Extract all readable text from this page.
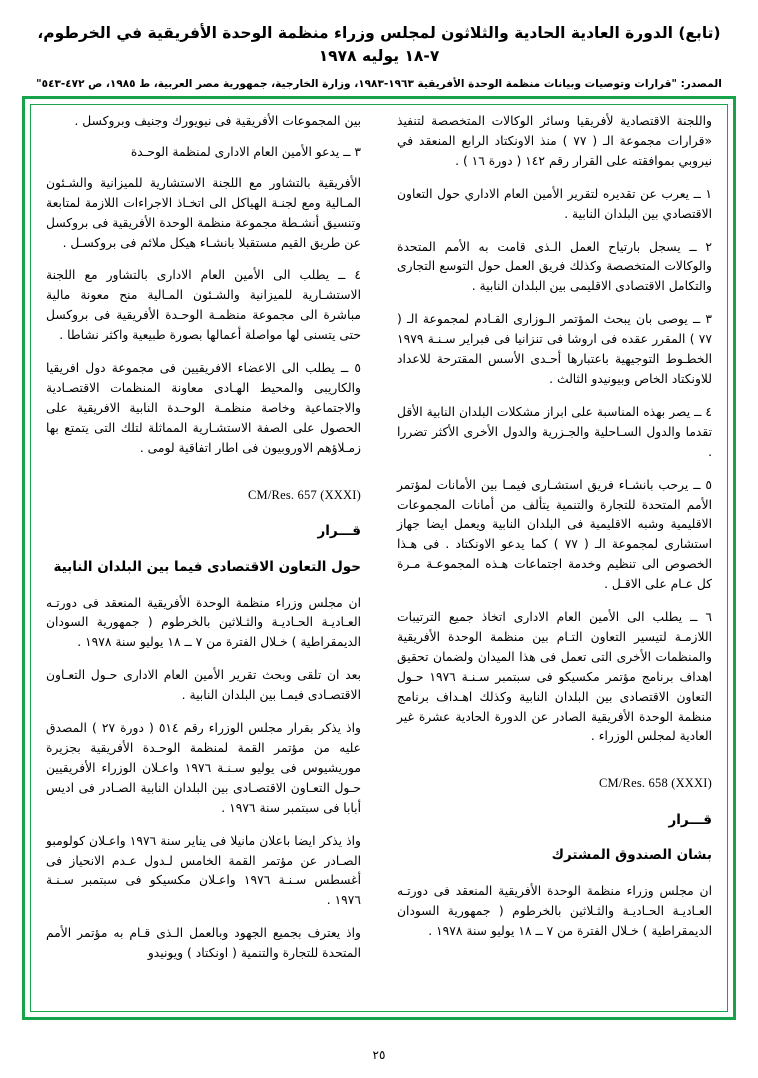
(تابع) الدورة العادية الحادية والثلاثون لمجلس وزراء منظمة الوحدة الأفريقية في الخرطوم، ٧-١٨ يوليه ١٩٧٨
المصدر: "قرارات وتوصيات وبيانات منظمة الوحدة الأفريقية ١٩٦٣-١٩٨٣، وزارة الخارجية، جمهورية مصر العربية، ط ١٩٨٥، ص ٤٧٢-٥٤٣"

واللجنة الاقتصادية لأفريقيا وسائر الوكالات المتخصصة لتنفيذ «قرارات مجموعة الـ ( ٧٧ ) منذ الاونكتاد الرابع المنعقد في نيروبي بموافقته على القرار رقم ١٤٢ ( دورة ١٦ ) .

١ ــ يعرب عن تقديره لتقرير الأمين العام الاداري حول التعاون الاقتصادي بين البلدان النابية .

٢ ــ يسجل بارتياح العمل الـذى قامت به الأمم المتحدة والوكالات المتخصصة وكذلك فريق العمل حول التوسع التجارى والتكامل الاقتصادى الاقليمى بين البلدان النابية .

٣ ــ يوصى بان يبحث المؤتمر الـوزارى القـادم لمجموعة الـ ( ٧٧ ) المقرر عقده فى اروشا فى تنزانيا فى فبراير سـنـة ١٩٧٩ الخطـوط التوجيهية باعتبارها أحـدى الأسس المقترحة للاعداد للاونكتاد الخاص وبيونيدو الثالث .

٤ ــ يصر بهذه المناسبة على ابراز مشكلات البلدان النابية الأقل تقدما والدول السـاحلية والجـزرية والدول الأخرى الأكثر تضررا .

٥ ــ يرحب بانشـاء فريق استشـارى فيمـا بين الأمانات لمؤتمر الأمم المتحدة للتجارة والتنمية يتألف من أمانات المجموعات الاقليمية وشبه الاقليمية فى البلدان النابية ويعمل ايضا جهاز استشارى لمجموعة الـ ( ٧٧ ) كما يدعو الاونكتاد . فى هـذا الخصوص الى تنظيم وخدمة اجتماعات هـذه المجموعـة مـرة كل عـام على الاقـل .

٦ ــ يطلب الى الأمين العام الادارى اتخاذ جميع الترتيبات اللازمـة لتيسير التعاون التـام بين منظمة الوحدة الأفريقية والمنظمات الأخرى التى تعمل فى هذا الميدان ولضمان تحقيق اهداف برنامج مؤتمر مكسيكو فى سبتمبر سـنـة ١٩٧٦ حـول التعاون الاقتصادى بين البلدان النابية وكذلك اهـداف برنامج منظمة الوحدة الأفريقية الصادر عن الدورة الحادية عشرة غير العادية لمجلس الوزراء .

CM/Res. 658 (XXXI)
قـــرار
بشان الصندوق المشترك

ان مجلس وزراء منظمة الوحدة الأفريقية المنعقد فى دورتـه العـاديـة الحـاديـة والثـلاثين بالخرطوم ( جمهورية السودان الديمقراطية ) خـلال الفترة من ٧ ــ ١٨ يوليو سنة ١٩٧٨ .

بين المجموعات الأفريقية فى نيويورك وجنيف وبروكسل .

٣ ــ يدعو الأمين العام الادارى لمنظمة الوحـدة

الأفريقية بالتشاور مع اللجنة الاستشارية للميزانية والشـئون المـالية ومع لجنـة الهياكل الى اتخـاذ الاجراءات اللازمة لمتابعة وتنسيق أنشـطة مجموعة منظمة الوحدة الأفريقية فى بروكسل عن طريق القيم مستقبلا بانشـاء هيكل ملائم فى بروكسـل .

٤ ــ يطلب الى الأمين العام الادارى بالتشاور مع اللجنة الاستشـارية للميزانية والشـئون المـالية منح معونة مالية مباشرة الى مجموعة منظمـة الوحـدة الأفريقية فى بروكسل حتى يتسنى لها مواصلة أعمالها بصورة طبيعية واكثر نشاطا .

٥ ــ يطلب الى الاعضاء الافريقيين فى مجموعة دول افريقيا والكاريبى والمحيط الهـادى معاونة المنظمات الاقتصـادية والاجتماعية وخاصة منظمـة الوحـدة النابية الافريقية على الحصول على الصفة الاستشـارية المماثلة لتلك التى يتمتع بها زمـلاؤهم الاوروبيون فى اطار اتفاقية لومى .

CM/Res. 657 (XXXI)
قـــرار
حول التعاون الاقتصادى فيما بين البلدان النابية

ان مجلس وزراء منظمة الوحدة الأفريقية المنعقد فى دورتـه العـاديـة الحـاديـة والثـلاثين بالخرطوم ( جمهورية السودان الديمقراطية ) خـلال الفترة من ٧ ــ ١٨ يوليو سنة ١٩٧٨ .

بعد ان تلقى وبحث تقرير الأمين العام الادارى حـول التعـاون الاقتصـادى فيمـا بين البلدان النابية .

واذ يذكر بقرار مجلس الوزراء رقم ٥١٤ ( دورة ٢٧ ) المصدق عليه من مؤتمر القمة لمنظمة الوحـدة الأفريقية بجزيرة موريشيوس فى يوليو سـنـة ١٩٧٦ واعـلان الوزراء الأفريقيين حـول التعـاون الاقتصـادى بين البلدان النابية الصـادر فى اديس أبابا فى سبتمبر سنة ١٩٧٦ .

واذ يذكر ايضا باعلان مانيلا فى يناير سنة ١٩٧٦ واعـلان كولومبو الصـادر عن مؤتمر القمة الخامس لـدول عـدم الانحياز فى أغسطس سـنـة ١٩٧٦ واعـلان مكسيكو فى سبتمبر سـنـة ١٩٧٦ .

واذ يعترف بجميع الجهود وبالعمل الـذى قـام به مؤتمر الأمم المتحدة للتجارة والتنمية ( اونكتاد ) ويونيدو

٢٥
